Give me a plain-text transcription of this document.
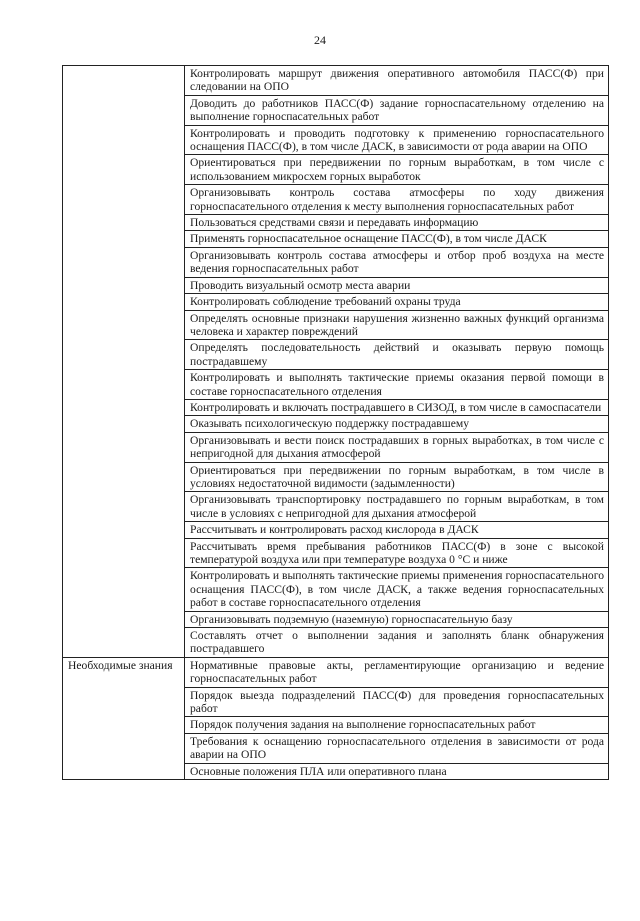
24
	Контролировать маршрут движения оперативного автомобиля ПАСС(Ф) при следовании на ОПО
	Доводить до работников ПАСС(Ф) задание горноспасательному отделению на выполнение горноспасательных работ
	Контролировать и проводить подготовку к применению горноспасательного оснащения ПАСС(Ф), в том числе ДАСК, в зависимости от рода аварии на ОПО
	Ориентироваться при передвижении по горным выработкам, в том числе с использованием микросхем горных выработок
	Организовывать контроль состава атмосферы по ходу движения горноспасательного отделения к месту выполнения горноспасательных работ
	Пользоваться средствами связи и передавать информацию
	Применять горноспасательное оснащение ПАСС(Ф), в том числе ДАСК
	Организовывать контроль состава атмосферы и отбор проб воздуха на месте ведения горноспасательных работ
	Проводить визуальный осмотр места аварии
	Контролировать соблюдение требований охраны труда
	Определять основные признаки нарушения жизненно важных функций организма человека и характер повреждений
	Определять последовательность действий и оказывать первую помощь пострадавшему
	Контролировать и выполнять тактические приемы оказания первой помощи в составе горноспасательного отделения
	Контролировать и включать пострадавшего в СИЗОД, в том числе в самоспасатели
	Оказывать психологическую поддержку пострадавшему
	Организовывать и вести поиск пострадавших в горных выработках, в том числе с непригодной для дыхания атмосферой
	Ориентироваться при передвижении по горным выработкам, в том числе в условиях недостаточной видимости (задымленности)
	Организовывать транспортировку пострадавшего по горным выработкам, в том числе в условиях с непригодной для дыхания атмосферой
	Рассчитывать и контролировать расход кислорода в ДАСК
	Рассчитывать время пребывания работников ПАСС(Ф) в зоне с высокой температурой воздуха или при температуре воздуха 0 °С и ниже
	Контролировать и выполнять тактические приемы применения горноспасательного оснащения ПАСС(Ф), в том числе ДАСК, а также ведения горноспасательных работ в составе горноспасательного отделения
	Организовывать подземную (наземную) горноспасательную базу
	Составлять отчет о выполнении задания и заполнять бланк обнаружения пострадавшего
Необходимые знания	Нормативные правовые акты, регламентирующие организацию и ведение горноспасательных работ
	Порядок выезда подразделений ПАСС(Ф) для проведения горноспасательных работ
	Порядок получения задания на выполнение горноспасательных работ
	Требования к оснащению горноспасательного отделения в зависимости от рода аварии на ОПО
	Основные положения ПЛА или оперативного плана
